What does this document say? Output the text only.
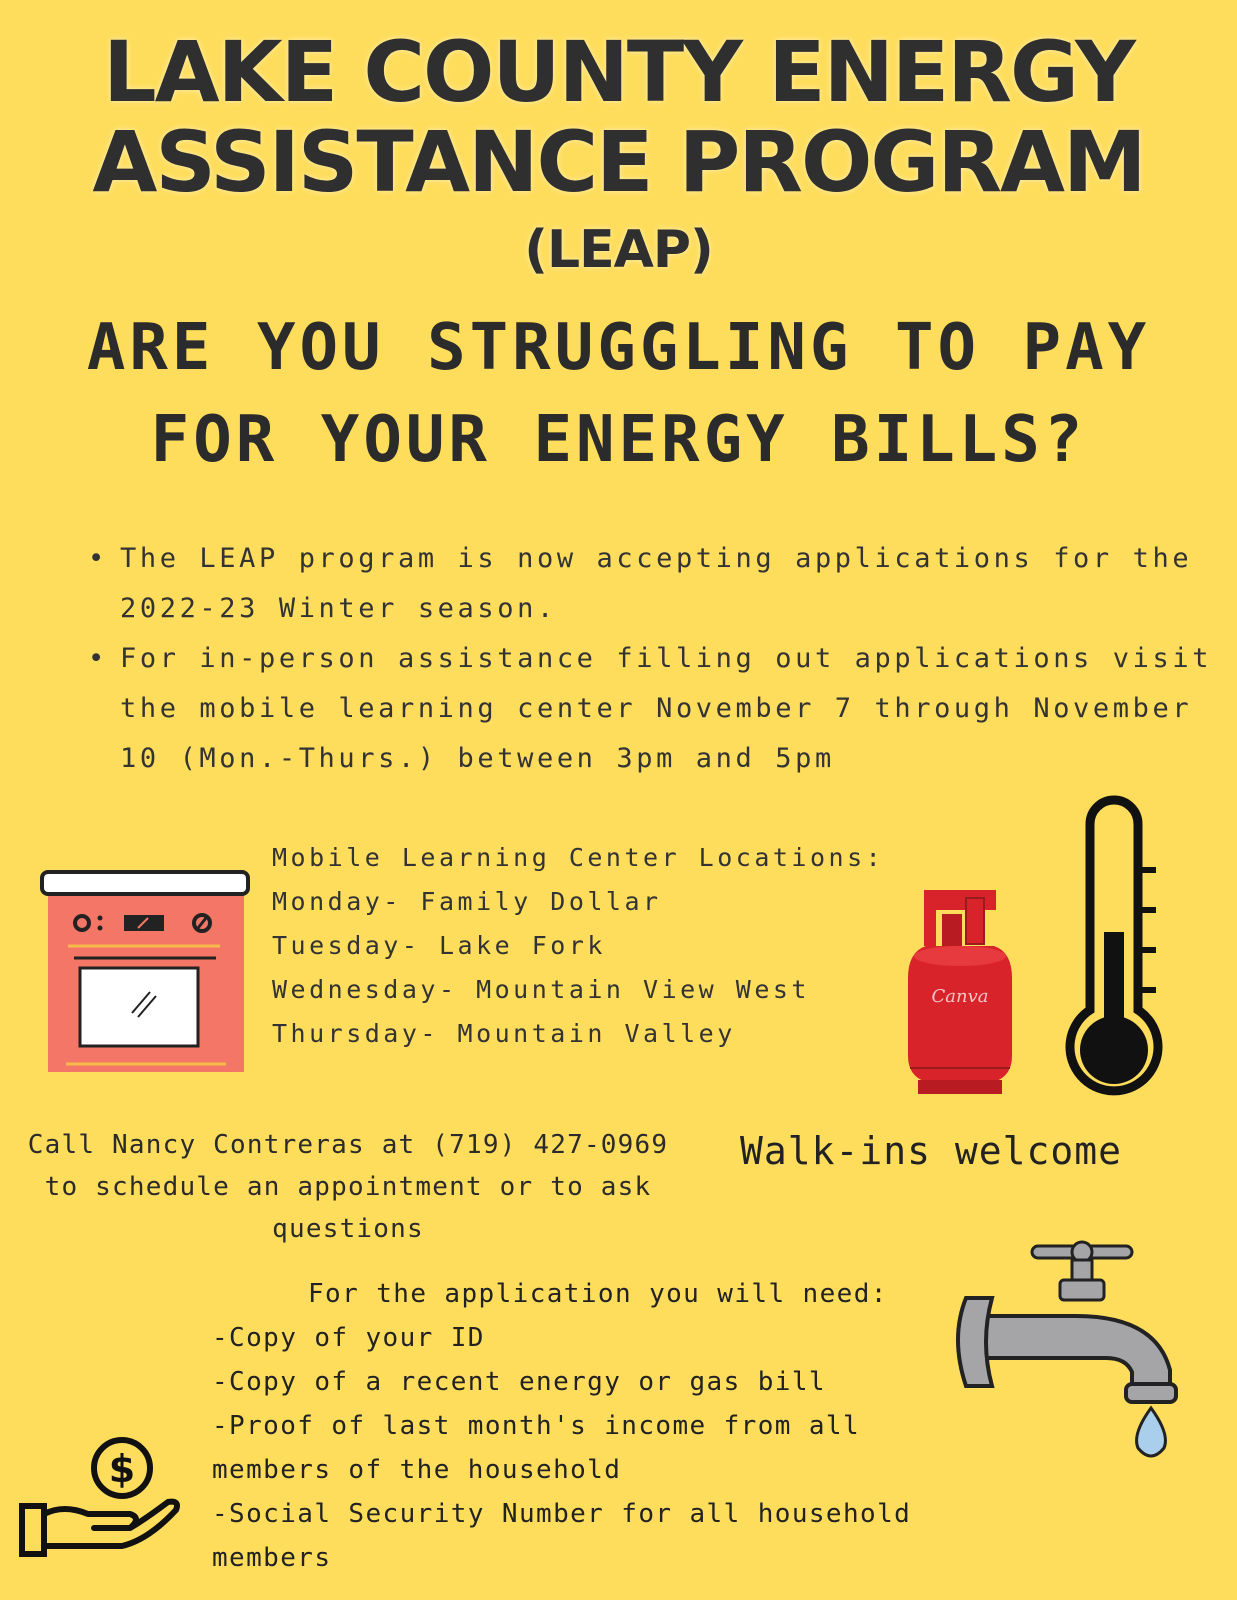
LAKE COUNTY ENERGY
ASSISTANCE PROGRAM
(LEAP)
ARE YOU STRUGGLING TO PAY
FOR YOUR ENERGY BILLS?
• The LEAP program is now accepting applications for the 2022-23 Winter season.
• For in-person assistance filling out applications visit the mobile learning center November 7 through November 10 (Mon.-Thurs.) between 3pm and 5pm
Mobile Learning Center Locations:
Monday- Family Dollar
Tuesday- Lake Fork
Wednesday- Mountain View West
Thursday- Mountain Valley
Call Nancy Contreras at (719) 427-0969
to schedule an appointment or to ask
questions
Walk-ins welcome
For the application you will need:
-Copy of your ID
-Copy of a recent energy or gas bill
-Proof of last month's income from all members of the household
-Social Security Number for all household members
Canva
$
